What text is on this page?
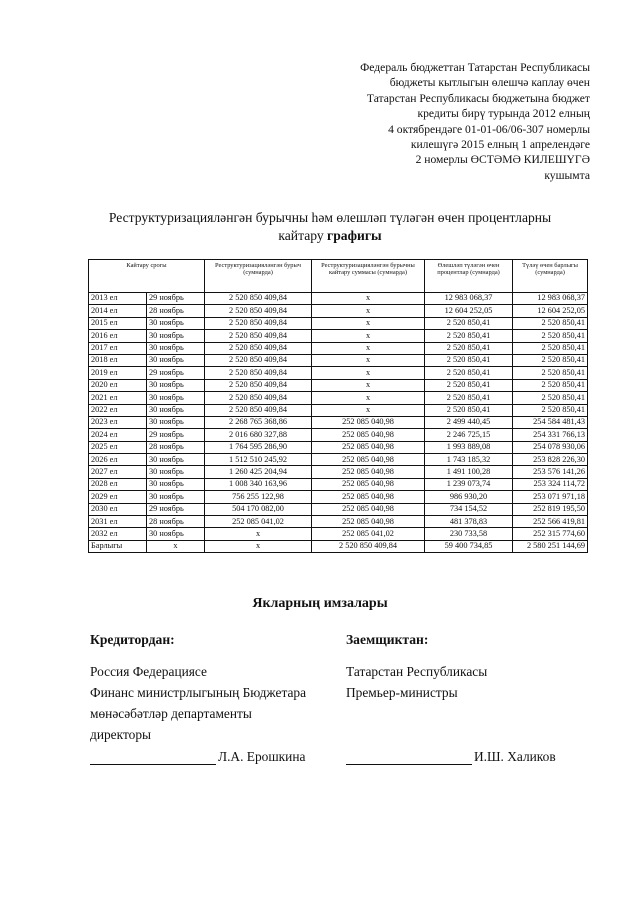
Федераль бюджеттан Татарстан Республикасы
бюджеты кытлыгын өлешчә каплау өчен
Татарстан Республикасы бюджетына бюджет
кредиты бирү турында 2012 елның
4 октябрендәге 01-01-06/06-307 номерлы
килешүгә 2015 елның 1 апрелендәге
2 номерлы ӨСТӘМӘ КИЛЕШҮГӘ
кушымта
Реструктуризацияләнгән бурычны һәм өлешләп түләгән өчен процентларны
кайтару графигы
Кайтару срогы		Реструктуризацияләнгән бурыч (сумнарда)	Реструктуризацияләнгән бурычны кайтару суммасы (сумнарда)	Өлешләп түләгән өчен процентлар (сумнарда)	Түләү өчен барлыгы (сумнарда)
2013 ел	29 ноябрь	2 520 850 409,84	x	12 983 068,37	12 983 068,37
2014 ел	28 ноябрь	2 520 850 409,84	x	12 604 252,05	12 604 252,05
2015 ел	30 ноябрь	2 520 850 409,84	x	2 520 850,41	2 520 850,41
2016 ел	30 ноябрь	2 520 850 409,84	x	2 520 850,41	2 520 850,41
2017 ел	30 ноябрь	2 520 850 409,84	x	2 520 850,41	2 520 850,41
2018 ел	30 ноябрь	2 520 850 409,84	x	2 520 850,41	2 520 850,41
2019 ел	29 ноябрь	2 520 850 409,84	x	2 520 850,41	2 520 850,41
2020 ел	30 ноябрь	2 520 850 409,84	x	2 520 850,41	2 520 850,41
2021 ел	30 ноябрь	2 520 850 409,84	x	2 520 850,41	2 520 850,41
2022 ел	30 ноябрь	2 520 850 409,84	x	2 520 850,41	2 520 850,41
2023 ел	30 ноябрь	2 268 765 368,86	252 085 040,98	2 499 440,45	254 584 481,43
2024 ел	29 ноябрь	2 016 680 327,88	252 085 040,98	2 246 725,15	254 331 766,13
2025 ел	28 ноябрь	1 764 595 286,90	252 085 040,98	1 993 889,08	254 078 930,06
2026 ел	30 ноябрь	1 512 510 245,92	252 085 040,98	1 743 185,32	253 828 226,30
2027 ел	30 ноябрь	1 260 425 204,94	252 085 040,98	1 491 100,28	253 576 141,26
2028 ел	30 ноябрь	1 008 340 163,96	252 085 040,98	1 239 073,74	253 324 114,72
2029 ел	30 ноябрь	756 255 122,98	252 085 040,98	986 930,20	253 071 971,18
2030 ел	29 ноябрь	504 170 082,00	252 085 040,98	734 154,52	252 819 195,50
2031 ел	28 ноябрь	252 085 041,02	252 085 040,98	481 378,83	252 566 419,81
2032 ел	30 ноябрь	x	252 085 041,02	230 733,58	252 315 774,60
Барлыгы	x	x	2 520 850 409,84	59 400 734,85	2 580 251 144,69
Якларның имзалары
Кредитордан:
Россия Федерациясе
Финанс министрлыгының Бюджетара
мөнәсәбәтләр департаменты
директоры
Л.А. Ерошкина
Заемщиктан:
Татарстан Республикасы
Премьер-министры

И.Ш. Халиков
